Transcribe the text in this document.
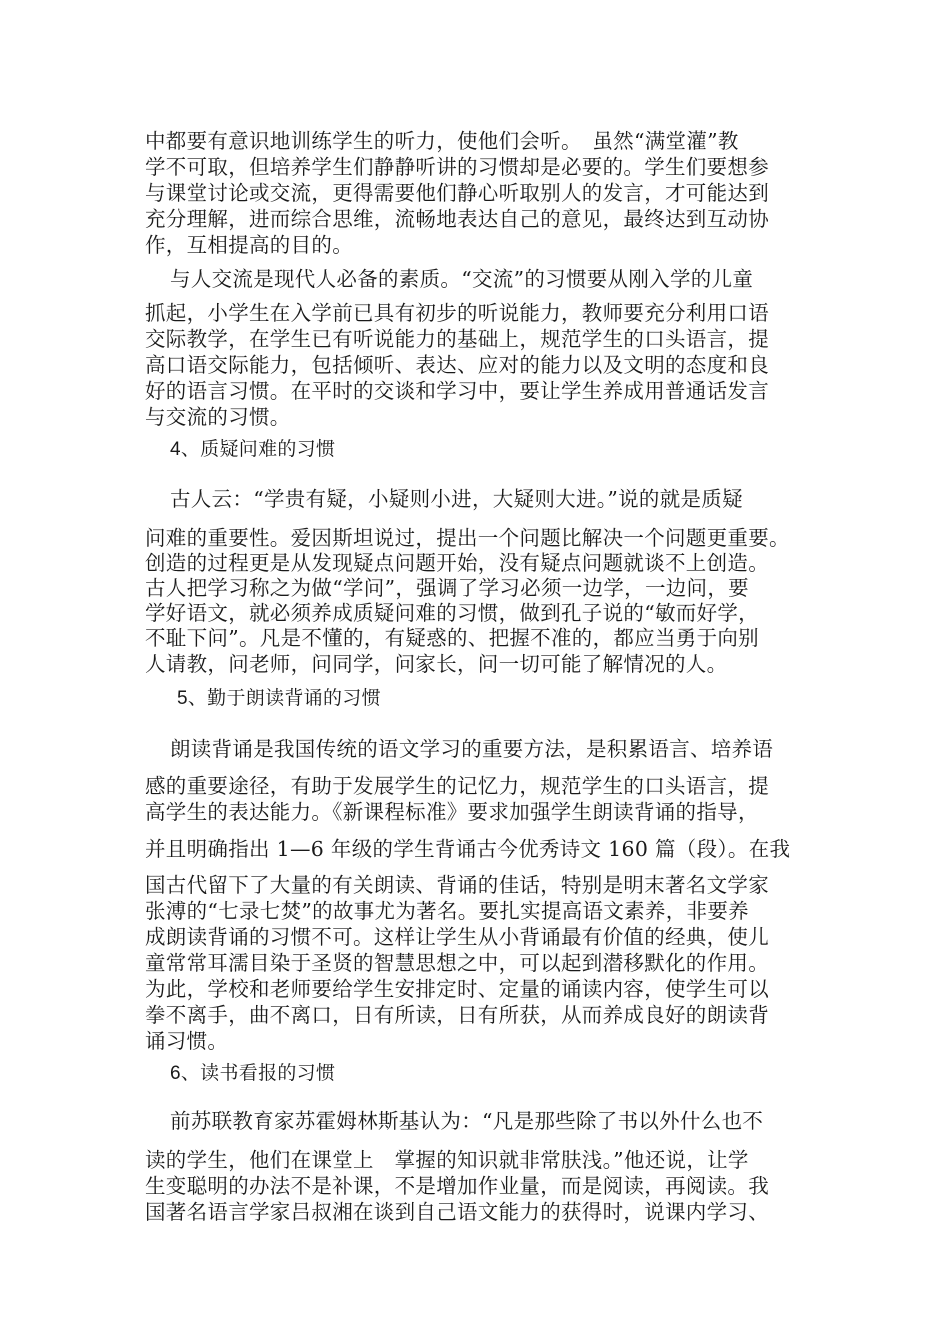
中都要有意识地训练学生的听力，使他们会听。　虽然“满堂灌”教
学不可取，但培养学生们静静听讲的习惯却是必要的。学生们要想参
与课堂讨论或交流，更得需要他们静心听取别人的发言，才可能达到
充分理解，进而综合思维，流畅地表达自己的意见，最终达到互动协
作，互相提高的目的。
与人交流是现代人必备的素质。“交流”的习惯要从刚入学的儿童
抓起，小学生在入学前已具有初步的听说能力，教师要充分利用口语
交际教学，在学生已有听说能力的基础上，规范学生的口头语言，提
高口语交际能力，包括倾听、表达、应对的能力以及文明的态度和良
好的语言习惯。在平时的交谈和学习中，要让学生养成用普通话发言
与交流的习惯。
4、质疑问难的习惯
古人云：“学贵有疑，小疑则小进，大疑则大进。”说的就是质疑
问难的重要性。爱因斯坦说过，提出一个问题比解决一个问题更重要。
创造的过程更是从发现疑点问题开始，没有疑点问题就谈不上创造。
古人把学习称之为做“学问”，强调了学习必须一边学，一边问，要
学好语文，就必须养成质疑问难的习惯，做到孔子说的“敏而好学，
不耻下问”。凡是不懂的，有疑惑的、把握不准的，都应当勇于向别
人请教，问老师，问同学，问家长，问一切可能了解情况的人。
5、勤于朗读背诵的习惯
朗读背诵是我国传统的语文学习的重要方法，是积累语言、培养语
感的重要途径，有助于发展学生的记忆力，规范学生的口头语言，提
高学生的表达能力。《新课程标准》要求加强学生朗读背诵的指导，
并且明确指出 1—6 年级的学生背诵古今优秀诗文 160 篇（段）。在我
国古代留下了大量的有关朗读、背诵的佳话，特别是明末著名文学家
张溥的“七录七焚”的故事尤为著名。要扎实提高语文素养，非要养
成朗读背诵的习惯不可。这样让学生从小背诵最有价值的经典，使儿
童常常耳濡目染于圣贤的智慧思想之中，可以起到潜移默化的作用。
为此，学校和老师要给学生安排定时、定量的诵读内容，使学生可以
拳不离手，曲不离口，日有所读，日有所获，从而养成良好的朗读背
诵习惯。
6、读书看报的习惯
前苏联教育家苏霍姆林斯基认为：“凡是那些除了书以外什么也不
读的学生，他们在课堂上　掌握的知识就非常肤浅。”他还说，让学
生变聪明的办法不是补课，不是增加作业量，而是阅读，再阅读。我
国著名语言学家吕叔湘在谈到自己语文能力的获得时，说课内学习、
